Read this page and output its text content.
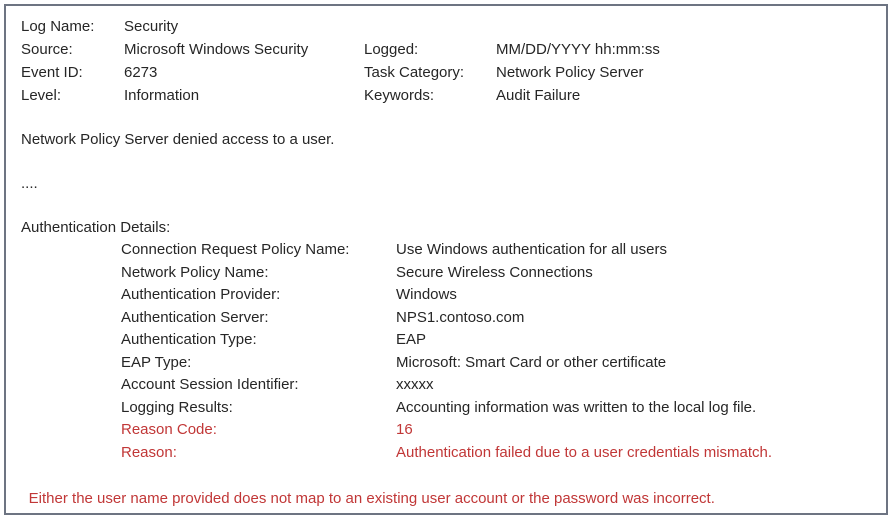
Log Name:	Security
Source:	Microsoft Windows Security	Logged:	MM/DD/YYYY hh:mm:ss
Event ID:	6273	Task Category:	Network Policy Server
Level:	Information	Keywords:	Audit Failure
Network Policy Server denied access to a user.
....
Authentication Details:
Connection Request Policy Name:	Use Windows authentication for all users
Network Policy Name:	Secure Wireless Connections
Authentication Provider:	Windows
Authentication Server:	NPS1.contoso.com
Authentication Type:	EAP
EAP Type:	Microsoft: Smart Card or other certificate
Account Session Identifier:	xxxxx
Logging Results:	Accounting information was written to the local log file.
Reason Code:	16
Reason:	Authentication failed due to a user credentials mismatch.

Either the user name provided does not map to an existing user account or the password was incorrect.
